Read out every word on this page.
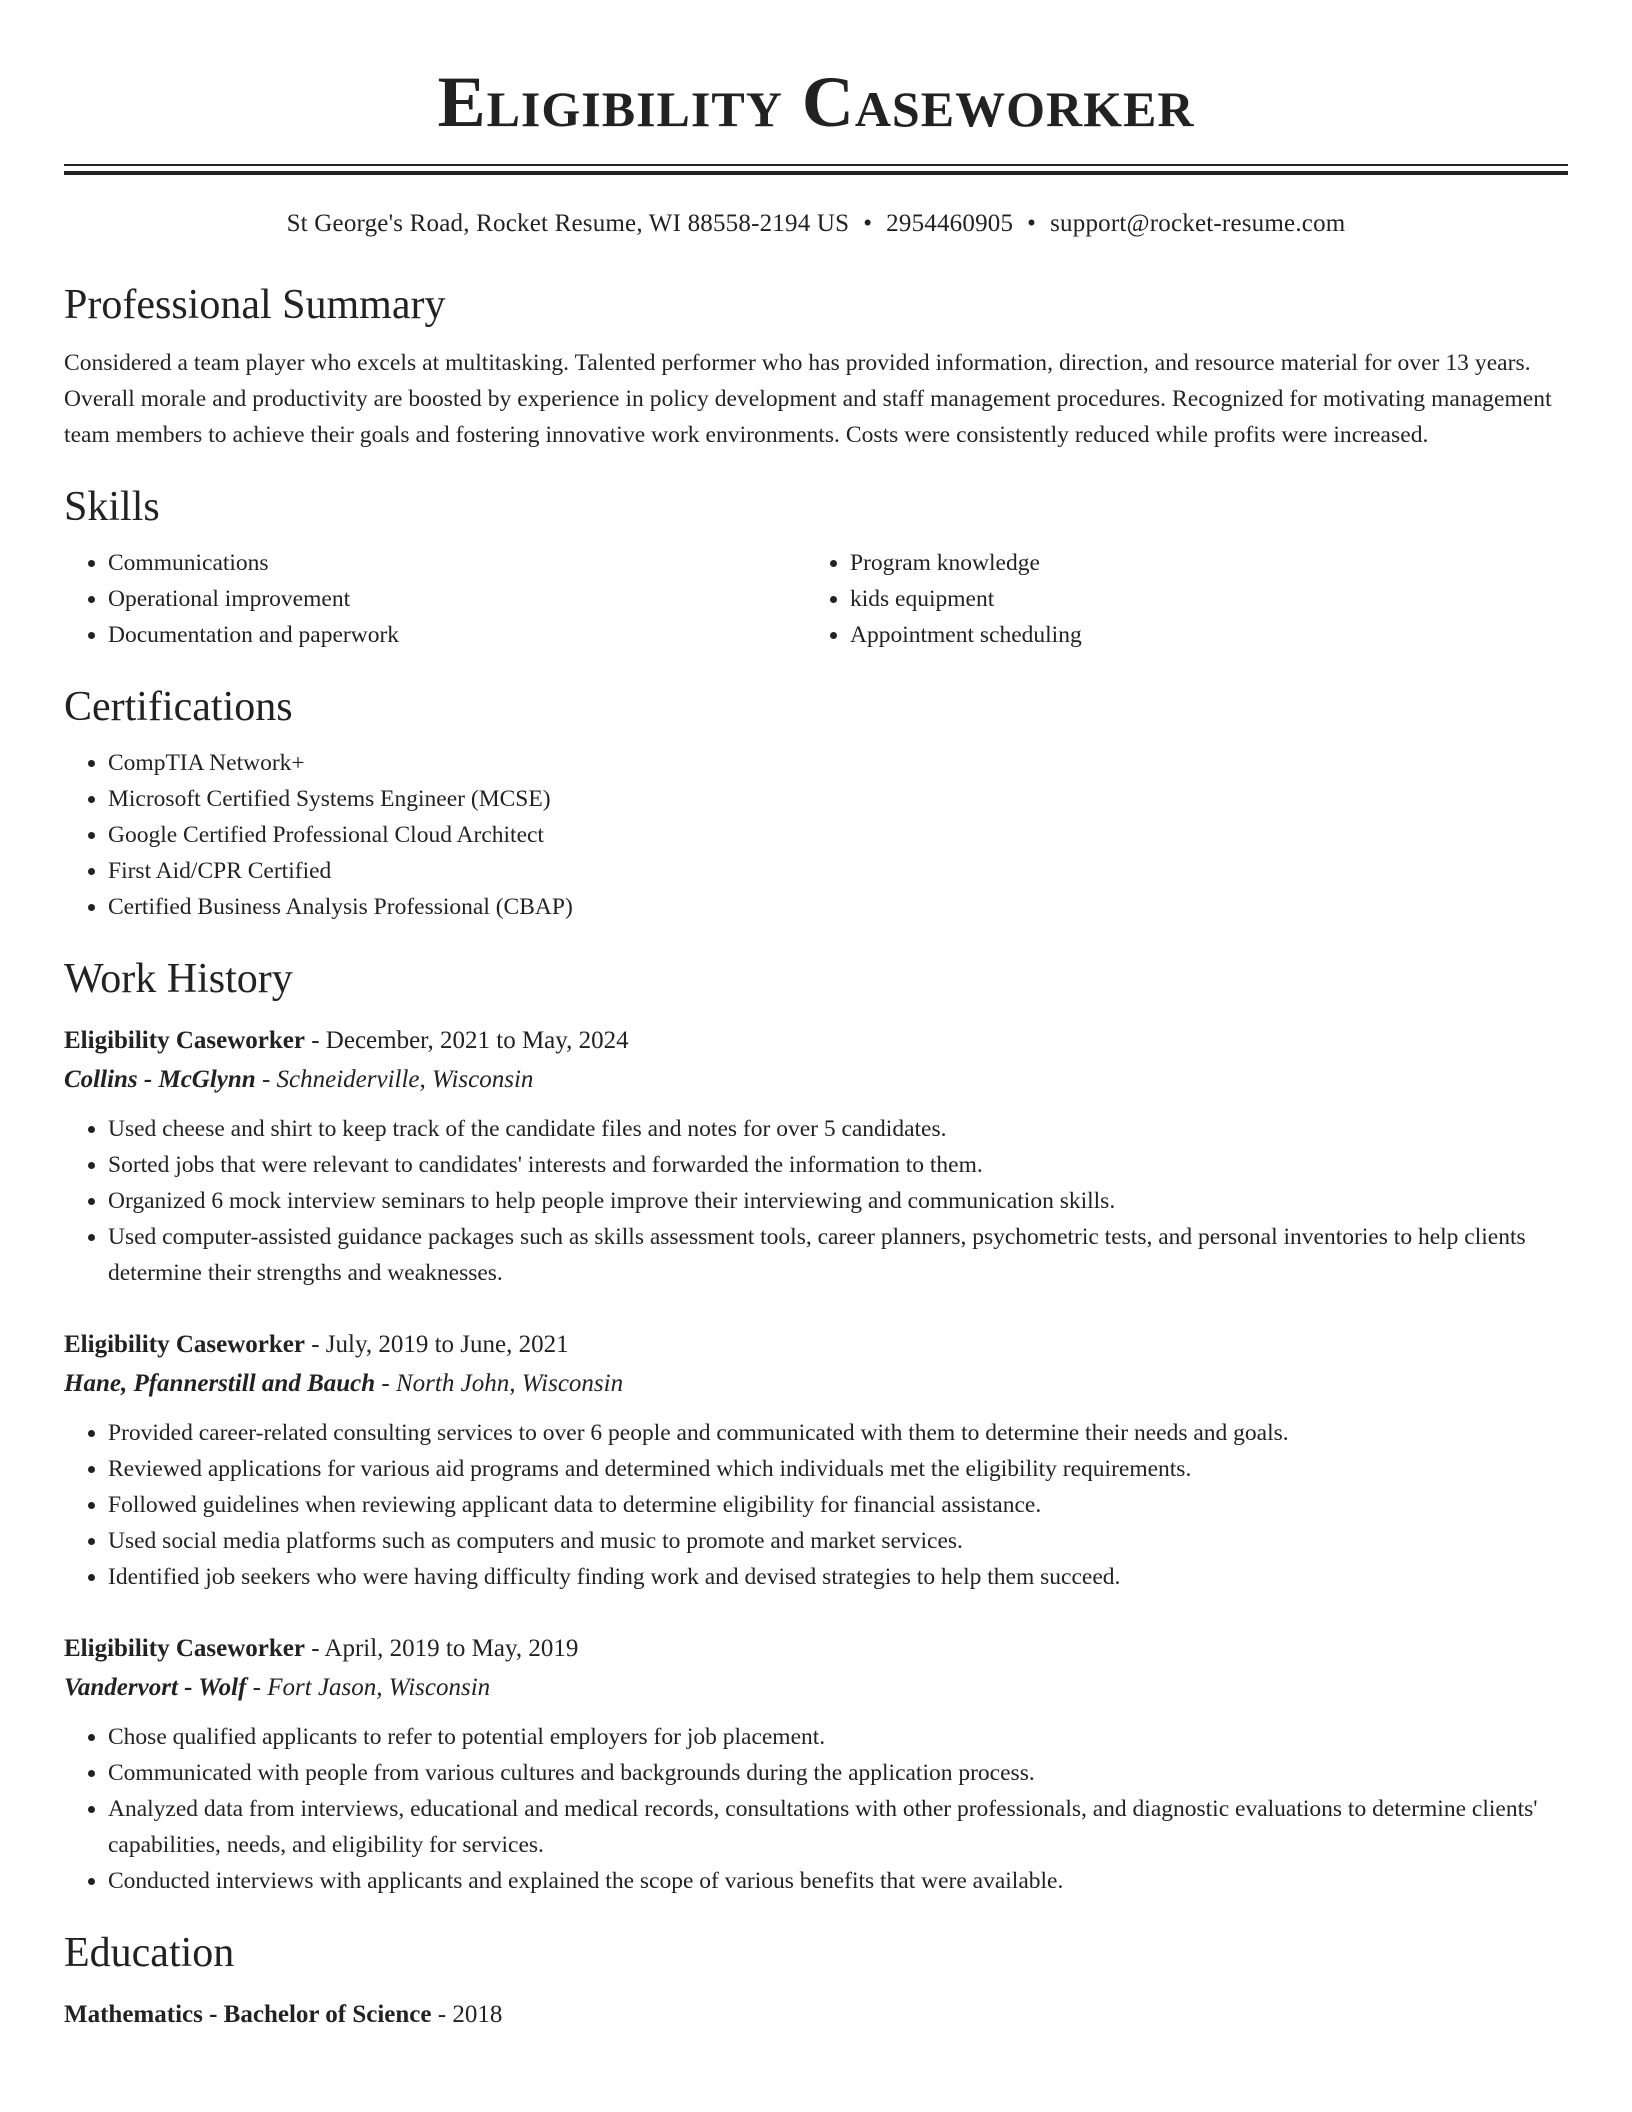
Eligibility Caseworker
St George's Road, Rocket Resume, WI 88558-2194 US • 2954460905 • support@rocket-resume.com
Professional Summary
Considered a team player who excels at multitasking. Talented performer who has provided information, direction, and resource material for over 13 years. Overall morale and productivity are boosted by experience in policy development and staff management procedures. Recognized for motivating management team members to achieve their goals and fostering innovative work environments. Costs were consistently reduced while profits were increased.
Skills
• Communications
• Operational improvement
• Documentation and paperwork
• Program knowledge
• kids equipment
• Appointment scheduling
Certifications
• CompTIA Network+
• Microsoft Certified Systems Engineer (MCSE)
• Google Certified Professional Cloud Architect
• First Aid/CPR Certified
• Certified Business Analysis Professional (CBAP)
Work History
Eligibility Caseworker - December, 2021 to May, 2024
Collins - McGlynn - Schneiderville, Wisconsin
• Used cheese and shirt to keep track of the candidate files and notes for over 5 candidates.
• Sorted jobs that were relevant to candidates' interests and forwarded the information to them.
• Organized 6 mock interview seminars to help people improve their interviewing and communication skills.
• Used computer-assisted guidance packages such as skills assessment tools, career planners, psychometric tests, and personal inventories to help clients determine their strengths and weaknesses.
Eligibility Caseworker - July, 2019 to June, 2021
Hane, Pfannerstill and Bauch - North John, Wisconsin
• Provided career-related consulting services to over 6 people and communicated with them to determine their needs and goals.
• Reviewed applications for various aid programs and determined which individuals met the eligibility requirements.
• Followed guidelines when reviewing applicant data to determine eligibility for financial assistance.
• Used social media platforms such as computers and music to promote and market services.
• Identified job seekers who were having difficulty finding work and devised strategies to help them succeed.
Eligibility Caseworker - April, 2019 to May, 2019
Vandervort - Wolf - Fort Jason, Wisconsin
• Chose qualified applicants to refer to potential employers for job placement.
• Communicated with people from various cultures and backgrounds during the application process.
• Analyzed data from interviews, educational and medical records, consultations with other professionals, and diagnostic evaluations to determine clients' capabilities, needs, and eligibility for services.
• Conducted interviews with applicants and explained the scope of various benefits that were available.
Education
Mathematics - Bachelor of Science - 2018
